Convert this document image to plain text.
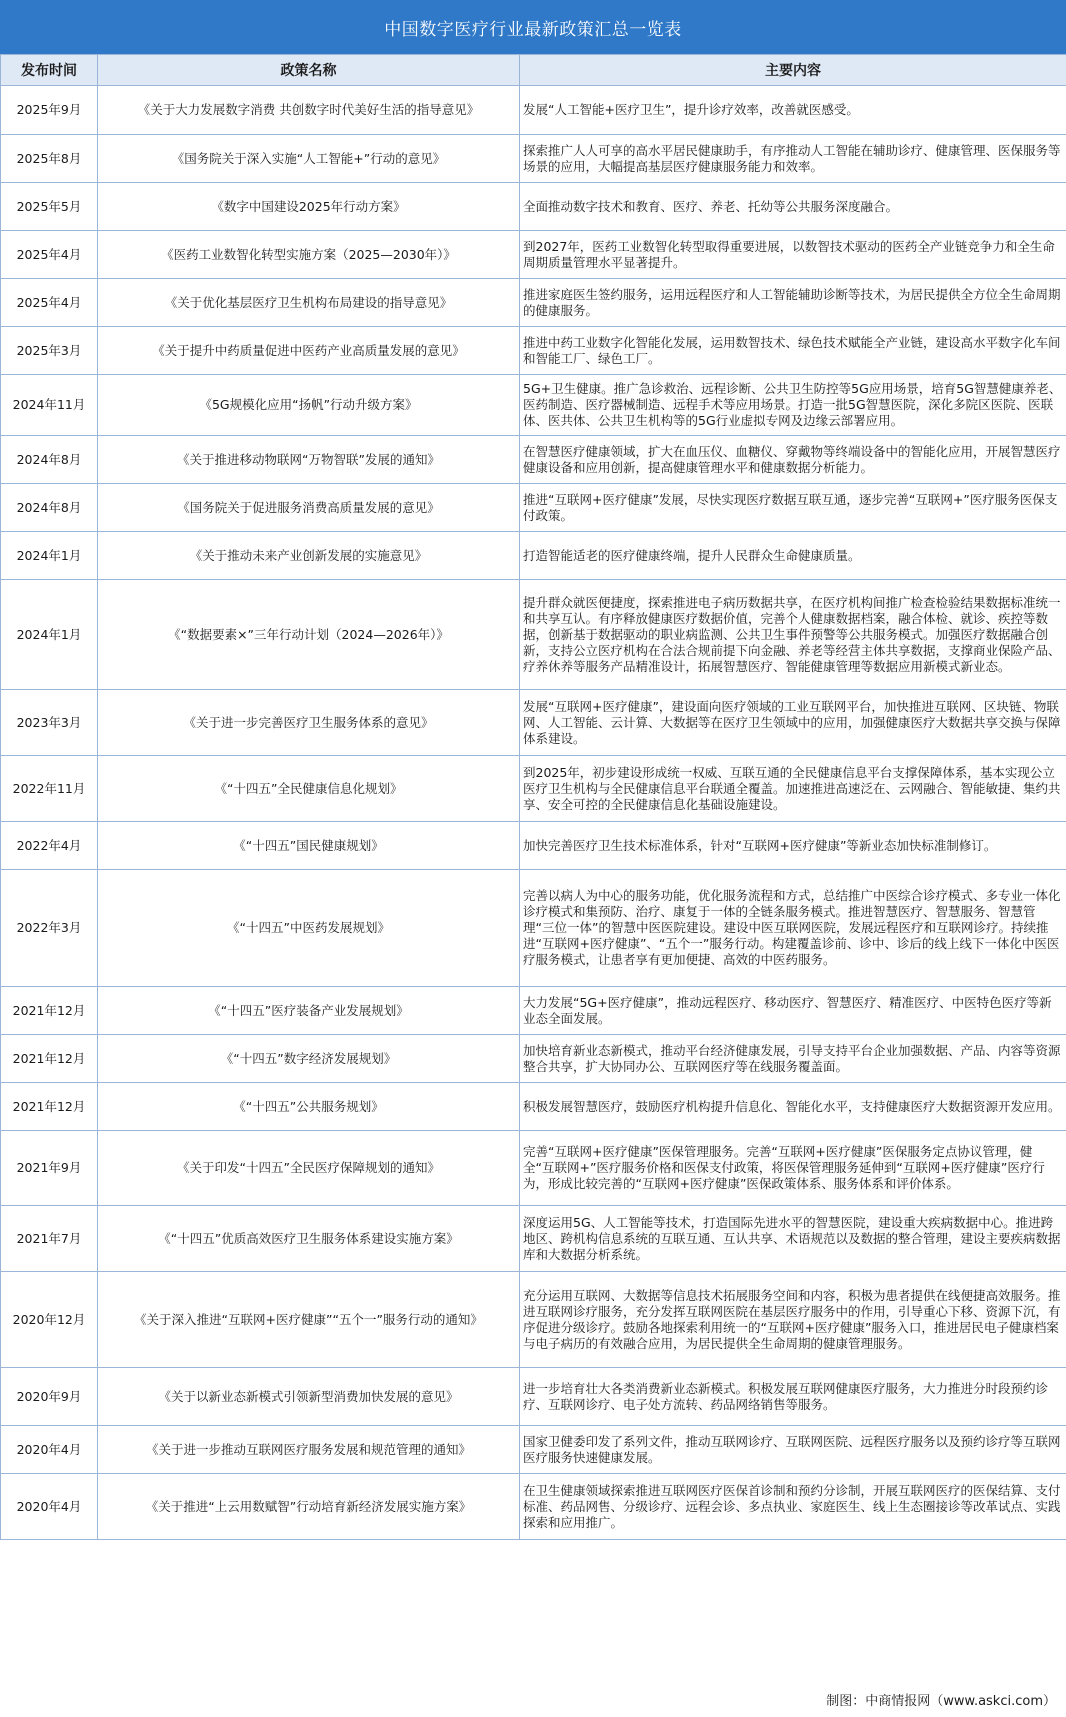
中国数字医疗行业最新政策汇总一览表
发布时间	政策名称	主要内容
2025年9月	《关于大力发展数字消费 共创数字时代美好生活的指导意见》	发展“人工智能+医疗卫生”，提升诊疗效率，改善就医感受。
2025年8月	《国务院关于深入实施“人工智能+”行动的意见》	探索推广人人可享的高水平居民健康助手，有序推动人工智能在辅助诊疗、健康管理、医保服务等场景的应用，大幅提高基层医疗健康服务能力和效率。
2025年5月	《数字中国建设2025年行动方案》	全面推动数字技术和教育、医疗、养老、托幼等公共服务深度融合。
2025年4月	《医药工业数智化转型实施方案（2025—2030年）》	到2027年，医药工业数智化转型取得重要进展，以数智技术驱动的医药全产业链竞争力和全生命周期质量管理水平显著提升。
2025年4月	《关于优化基层医疗卫生机构布局建设的指导意见》	推进家庭医生签约服务，运用远程医疗和人工智能辅助诊断等技术，为居民提供全方位全生命周期的健康服务。
2025年3月	《关于提升中药质量促进中医药产业高质量发展的意见》	推进中药工业数字化智能化发展，运用数智技术、绿色技术赋能全产业链，建设高水平数字化车间和智能工厂、绿色工厂。
2024年11月	《5G规模化应用“扬帆”行动升级方案》	5G+卫生健康。推广急诊救治、远程诊断、公共卫生防控等5G应用场景，培育5G智慧健康养老、医药制造、医疗器械制造、远程手术等应用场景。打造一批5G智慧医院，深化多院区医院、医联体、医共体、公共卫生机构等的5G行业虚拟专网及边缘云部署应用。
2024年8月	《关于推进移动物联网“万物智联”发展的通知》	在智慧医疗健康领域，扩大在血压仪、血糖仪、穿戴物等终端设备中的智能化应用，开展智慧医疗健康设备和应用创新，提高健康管理水平和健康数据分析能力。
2024年8月	《国务院关于促进服务消费高质量发展的意见》	推进“互联网+医疗健康”发展，尽快实现医疗数据互联互通，逐步完善“互联网+”医疗服务医保支付政策。
2024年1月	《关于推动未来产业创新发展的实施意见》	打造智能适老的医疗健康终端，提升人民群众生命健康质量。
2024年1月	《“数据要素×”三年行动计划（2024—2026年）》	提升群众就医便捷度，探索推进电子病历数据共享，在医疗机构间推广检查检验结果数据标准统一和共享互认。有序释放健康医疗数据价值，完善个人健康数据档案，融合体检、就诊、疾控等数据，创新基于数据驱动的职业病监测、公共卫生事件预警等公共服务模式。加强医疗数据融合创新，支持公立医疗机构在合法合规前提下向金融、养老等经营主体共享数据，支撑商业保险产品、疗养休养等服务产品精准设计，拓展智慧医疗、智能健康管理等数据应用新模式新业态。
2023年3月	《关于进一步完善医疗卫生服务体系的意见》	发展“互联网+医疗健康”，建设面向医疗领域的工业互联网平台，加快推进互联网、区块链、物联网、人工智能、云计算、大数据等在医疗卫生领域中的应用，加强健康医疗大数据共享交换与保障体系建设。
2022年11月	《“十四五”全民健康信息化规划》	到2025年，初步建设形成统一权威、互联互通的全民健康信息平台支撑保障体系，基本实现公立医疗卫生机构与全民健康信息平台联通全覆盖。加速推进高速泛在、云网融合、智能敏捷、集约共享、安全可控的全民健康信息化基础设施建设。
2022年4月	《“十四五”国民健康规划》	加快完善医疗卫生技术标准体系，针对“互联网+医疗健康”等新业态加快标准制修订。
2022年3月	《“十四五”中医药发展规划》	完善以病人为中心的服务功能，优化服务流程和方式，总结推广中医综合诊疗模式、多专业一体化诊疗模式和集预防、治疗、康复于一体的全链条服务模式。推进智慧医疗、智慧服务、智慧管理“三位一体”的智慧中医医院建设。建设中医互联网医院，发展远程医疗和互联网诊疗。持续推进“互联网+医疗健康”、“五个一”服务行动。构建覆盖诊前、诊中、诊后的线上线下一体化中医医疗服务模式，让患者享有更加便捷、高效的中医药服务。
2021年12月	《“十四五”医疗装备产业发展规划》	大力发展“5G+医疗健康”，推动远程医疗、移动医疗、智慧医疗、精准医疗、中医特色医疗等新业态全面发展。
2021年12月	《“十四五”数字经济发展规划》	加快培育新业态新模式，推动平台经济健康发展，引导支持平台企业加强数据、产品、内容等资源整合共享，扩大协同办公、互联网医疗等在线服务覆盖面。
2021年12月	《“十四五”公共服务规划》	积极发展智慧医疗，鼓励医疗机构提升信息化、智能化水平，支持健康医疗大数据资源开发应用。
2021年9月	《关于印发“十四五”全民医疗保障规划的通知》	完善“互联网+医疗健康”医保管理服务。完善“互联网+医疗健康”医保服务定点协议管理，健全“互联网+”医疗服务价格和医保支付政策，将医保管理服务延伸到“互联网+医疗健康”医疗行为，形成比较完善的“互联网+医疗健康”医保政策体系、服务体系和评价体系。
2021年7月	《“十四五”优质高效医疗卫生服务体系建设实施方案》	深度运用5G、人工智能等技术，打造国际先进水平的智慧医院，建设重大疾病数据中心。推进跨地区、跨机构信息系统的互联互通、互认共享、术语规范以及数据的整合管理，建设主要疾病数据库和大数据分析系统。
2020年12月	《关于深入推进“互联网+医疗健康”“五个一”服务行动的通知》	充分运用互联网、大数据等信息技术拓展服务空间和内容，积极为患者提供在线便捷高效服务。推进互联网诊疗服务，充分发挥互联网医院在基层医疗服务中的作用，引导重心下移、资源下沉，有序促进分级诊疗。鼓励各地探索利用统一的“互联网+医疗健康”服务入口，推进居民电子健康档案与电子病历的有效融合应用，为居民提供全生命周期的健康管理服务。
2020年9月	《关于以新业态新模式引领新型消费加快发展的意见》	进一步培育壮大各类消费新业态新模式。积极发展互联网健康医疗服务，大力推进分时段预约诊疗、互联网诊疗、电子处方流转、药品网络销售等服务。
2020年4月	《关于进一步推动互联网医疗服务发展和规范管理的通知》	国家卫健委印发了系列文件，推动互联网诊疗、互联网医院、远程医疗服务以及预约诊疗等互联网医疗服务快速健康发展。
2020年4月	《关于推进“上云用数赋智”行动培育新经济发展实施方案》	在卫生健康领域探索推进互联网医疗医保首诊制和预约分诊制，开展互联网医疗的医保结算、支付标准、药品网售、分级诊疗、远程会诊、多点执业、家庭医生、线上生态圈接诊等改革试点、实践探索和应用推广。
制图：中商情报网（www.askci.com）
